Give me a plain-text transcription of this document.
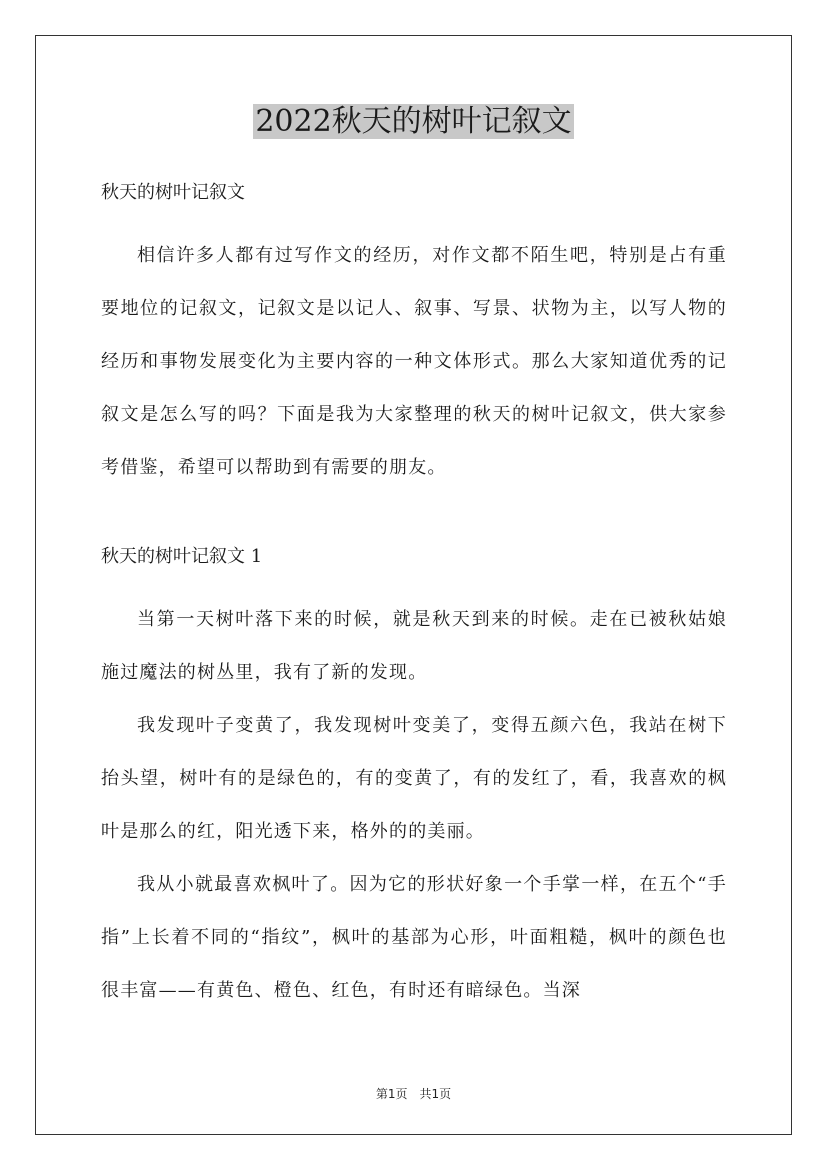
2022秋天的树叶记叙文

秋天的树叶记叙文

相信许多人都有过写作文的经历，对作文都不陌生吧，特别是占有重要地位的记叙文，记叙文是以记人、叙事、写景、状物为主，以写人物的经历和事物发展变化为主要内容的一种文体形式。那么大家知道优秀的记叙文是怎么写的吗？下面是我为大家整理的秋天的树叶记叙文，供大家参考借鉴，希望可以帮助到有需要的朋友。

秋天的树叶记叙文 1

当第一天树叶落下来的时候，就是秋天到来的时候。走在已被秋姑娘施过魔法的树丛里，我有了新的发现。

我发现叶子变黄了，我发现树叶变美了，变得五颜六色，我站在树下抬头望，树叶有的是绿色的，有的变黄了，有的发红了，看，我喜欢的枫叶是那么的红，阳光透下来，格外的的美丽。

我从小就最喜欢枫叶了。因为它的形状好象一个手掌一样，在五个“手指”上长着不同的“指纹”，枫叶的基部为心形，叶面粗糙，枫叶的颜色也很丰富——有黄色、橙色、红色，有时还有暗绿色。当深

第1页　共1页
